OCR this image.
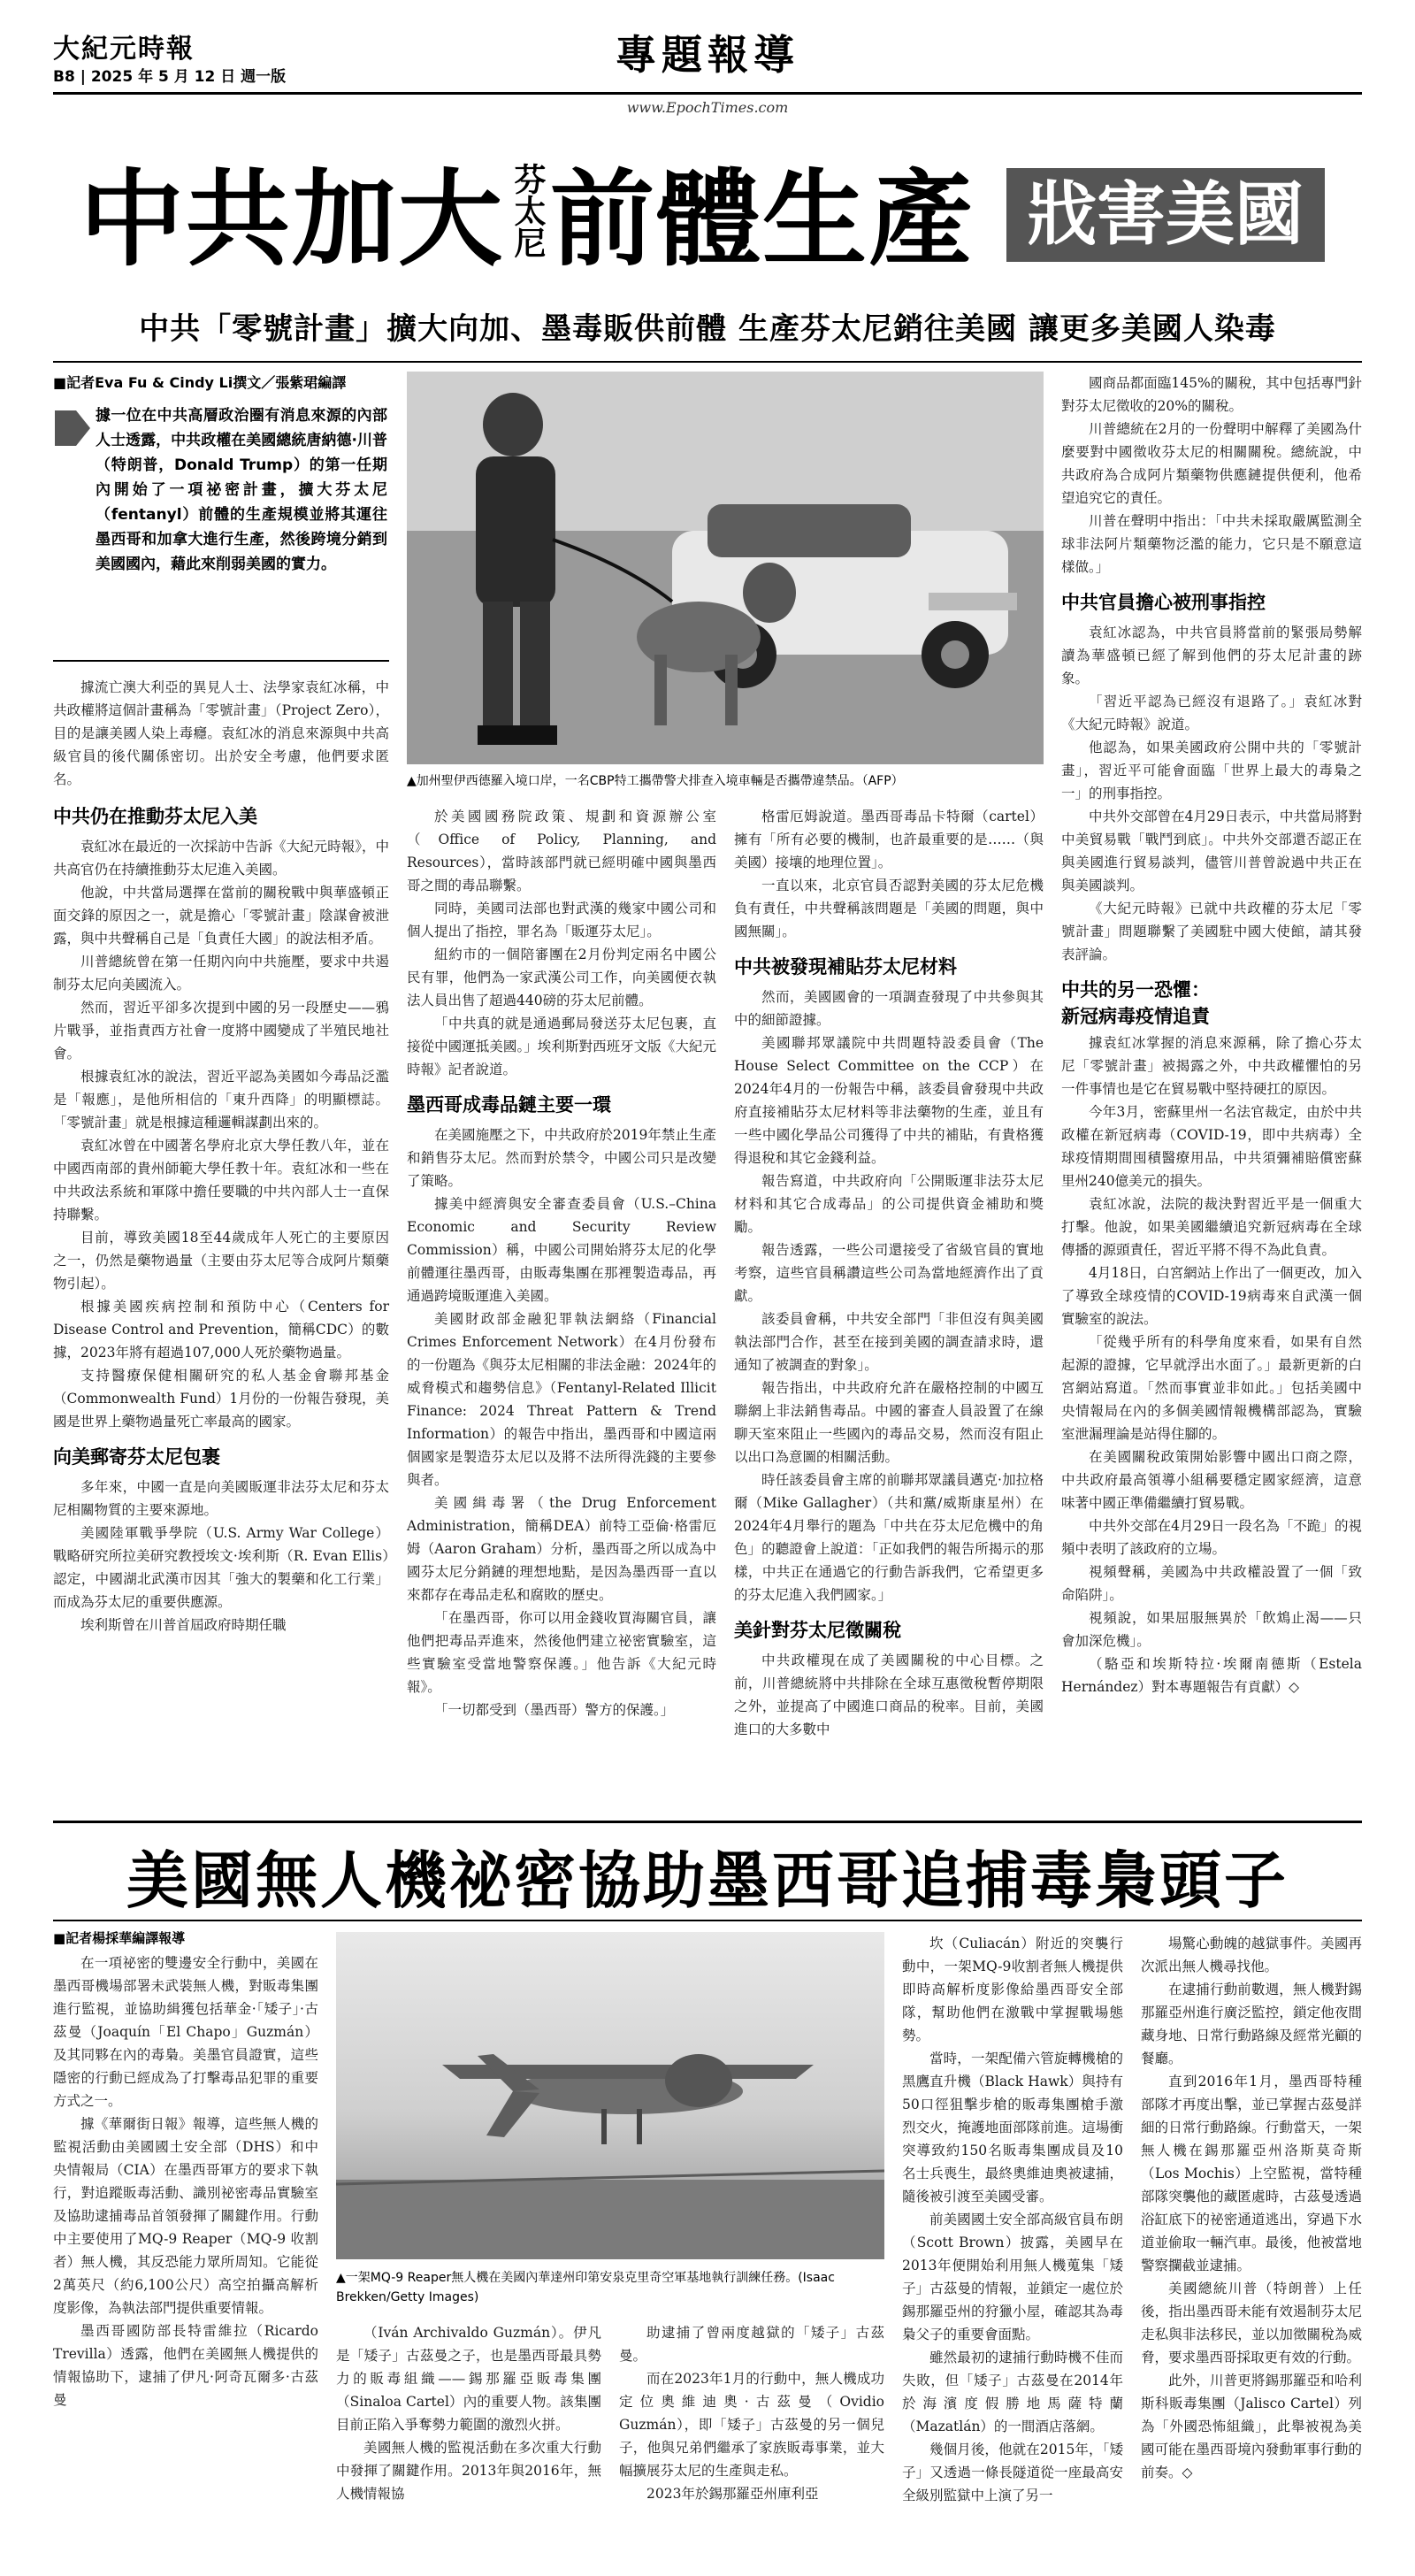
大紀元時報
B8 | 2025 年 5 月 12 日 週一版	專題報導
www.EpochTimes.com
中共加大 芬太尼 前體生產 戕害美國
中共「零號計畫」擴大向加、墨毒販供前體 生產芬太尼銷往美國 讓更多美國人染毒
■記者Eva Fu & Cindy Li撰文／張紫珺編譯
據一位在中共高層政治圈有消息來源的內部人士透露，中共政權在美國總統唐納德·川普（特朗普，Donald Trump）的第一任期內開始了一項祕密計畫，擴大芬太尼（fentanyl）前體的生產規模並將其運往墨西哥和加拿大進行生產，然後跨境分銷到美國國內，藉此來削弱美國的實力。

據流亡澳大利亞的異見人士、法學家袁紅冰稱，中共政權將這個計畫稱為「零號計畫」（Project Zero），目的是讓美國人染上毒癮。袁紅冰的消息來源與中共高級官員的後代關係密切。出於安全考慮，他們要求匿名。	▲加州聖伊西德羅入境口岸，一名CBP特工攜帶警犬排查入境車輛是否攜帶違禁品。（AFP）
中共仍在推動芬太尼入美

袁紅冰在最近的一次採訪中告訴《大紀元時報》，中共高官仍在持續推動芬太尼進入美國。

他說，中共當局選擇在當前的關稅戰中與華盛頓正面交鋒的原因之一，就是擔心「零號計畫」陰謀會被泄露，與中共聲稱自己是「負責任大國」的說法相矛盾。

川普總統曾在第一任期內向中共施壓，要求中共遏制芬太尼向美國流入。

然而，習近平卻多次提到中國的另一段歷史——鴉片戰爭，並指責西方社會一度將中國變成了半殖民地社會。

根據袁紅冰的說法，習近平認為美國如今毒品泛濫是「報應」，是他所相信的「東升西降」的明顯標誌。「零號計畫」就是根據這種邏輯謀劃出來的。

袁紅冰曾在中國著名學府北京大學任教八年，並在中國西南部的貴州師範大學任教十年。袁紅冰和一些在中共政法系統和軍隊中擔任要職的中共內部人士一直保持聯繫。

目前，導致美國18至44歲成年人死亡的主要原因之一，仍然是藥物過量（主要由芬太尼等合成阿片類藥物引起）。

根據美國疾病控制和預防中心（Centers for Disease Control and Prevention，簡稱CDC）的數據，2023年將有超過107,000人死於藥物過量。

支持醫療保健相關研究的私人基金會聯邦基金（Commonwealth Fund）1月份的一份報告發現，美國是世界上藥物過量死亡率最高的國家。

向美郵寄芬太尼包裹

多年來，中國一直是向美國販運非法芬太尼和芬太尼相關物質的主要來源地。

美國陸軍戰爭學院（U.S. Army War College）戰略研究所拉美研究教授埃文·埃利斯（R. Evan Ellis）認定，中國湖北武漢市因其「強大的製藥和化工行業」而成為芬太尼的重要供應源。

埃利斯曾在川普首屆政府時期任職

於美國國務院政策、規劃和資源辦公室（Office of Policy, Planning, and Resources），當時該部門就已經明確中國與墨西哥之間的毒品聯繫。

同時，美國司法部也對武漢的幾家中國公司和個人提出了指控，罪名為「販運芬太尼」。

紐約市的一個陪審團在2月份判定兩名中國公民有罪，他們為一家武漢公司工作，向美國便衣執法人員出售了超過440磅的芬太尼前體。

「中共真的就是通過郵局發送芬太尼包裹，直接從中國運抵美國。」埃利斯對西班牙文版《大紀元時報》記者說道。

墨西哥成毒品鏈主要一環

在美國施壓之下，中共政府於2019年禁止生產和銷售芬太尼。然而對於禁令，中國公司只是改變了策略。

據美中經濟與安全審查委員會（U.S.–China Economic and Security Review Commission）稱，中國公司開始將芬太尼的化學前體運往墨西哥，由販毒集團在那裡製造毒品，再通過跨境販運進入美國。

美國財政部金融犯罪執法網絡（Financial Crimes Enforcement Network）在4月份發布的一份題為《與芬太尼相關的非法金融：2024年的威脅模式和趨勢信息》（Fentanyl-Related Illicit Finance: 2024 Threat Pattern & Trend Information）的報告中指出，墨西哥和中國這兩個國家是製造芬太尼以及將不法所得洗錢的主要參與者。

美國緝毒署（the Drug Enforcement Administration，簡稱DEA）前特工亞倫·格雷厄姆（Aaron Graham）分析，墨西哥之所以成為中國芬太尼分銷鏈的理想地點，是因為墨西哥一直以來都存在毒品走私和腐敗的歷史。

「在墨西哥，你可以用金錢收買海關官員，讓他們把毒品弄進來，然後他們建立祕密實驗室，這些實驗室受當地警察保護。」他告訴《大紀元時報》。

「一切都受到（墨西哥）警方的保護。」

格雷厄姆說道。墨西哥毒品卡特爾（cartel）擁有「所有必要的機制，也許最重要的是……（與美國）接壤的地理位置」。

一直以來，北京官員否認對美國的芬太尼危機負有責任，中共聲稱該問題是「美國的問題，與中國無關」。

中共被發現補貼芬太尼材料

然而，美國國會的一項調查發現了中共參與其中的細節證據。

美國聯邦眾議院中共問題特設委員會（The House Select Committee on the CCP）在2024年4月的一份報告中稱，該委員會發現中共政府直接補貼芬太尼材料等非法藥物的生產，並且有一些中國化學品公司獲得了中共的補貼，有貴格獲得退稅和其它金錢利益。

報告寫道，中共政府向「公開販運非法芬太尼材料和其它合成毒品」的公司提供資金補助和獎勵。

報告透露，一些公司還接受了省級官員的實地考察，這些官員稱讚這些公司為當地經濟作出了貢獻。

該委員會稱，中共安全部門「非但沒有與美國執法部門合作，甚至在接到美國的調查請求時，還通知了被調查的對象」。

報告指出，中共政府允許在嚴格控制的中國互聯網上非法銷售毒品。中國的審查人員設置了在線聊天室來阻止一些國內的毒品交易，然而沒有阻止以出口為意圖的相關活動。

時任該委員會主席的前聯邦眾議員邁克·加拉格爾（Mike Gallagher）（共和黨/威斯康星州）在2024年4月舉行的題為「中共在芬太尼危機中的角色」的聽證會上說道：「正如我們的報告所揭示的那樣，中共正在通過它的行動告訴我們，它希望更多的芬太尼進入我們國家。」

美針對芬太尼徵關稅

中共政權現在成了美國關稅的中心目標。之前，川普總統將中共排除在全球互惠徵稅暫停期限之外，並提高了中國進口商品的稅率。目前，美國進口的大多數中

國商品都面臨145%的關稅，其中包括專門針對芬太尼徵收的20%的關稅。

川普總統在2月的一份聲明中解釋了美國為什麼要對中國徵收芬太尼的相關關稅。總統說，中共政府為合成阿片類藥物供應鏈提供便利，他希望追究它的責任。

川普在聲明中指出：「中共未採取嚴厲監測全球非法阿片類藥物泛濫的能力，它只是不願意這樣做。」

中共官員擔心被刑事指控

袁紅冰認為，中共官員將當前的緊張局勢解讀為華盛頓已經了解到他們的芬太尼計畫的跡象。

「習近平認為已經沒有退路了。」袁紅冰對《大紀元時報》說道。

他認為，如果美國政府公開中共的「零號計畫」，習近平可能會面臨「世界上最大的毒梟之一」的刑事指控。

中共外交部曾在4月29日表示，中共當局將對中美貿易戰「戰鬥到底」。中共外交部還否認正在與美國進行貿易談判，儘管川普曾說過中共正在與美國談判。

《大紀元時報》已就中共政權的芬太尼「零號計畫」問題聯繫了美國駐中國大使館，請其發表評論。

中共的另一恐懼：
新冠病毒疫情追責

據袁紅冰掌握的消息來源稱，除了擔心芬太尼「零號計畫」被揭露之外，中共政權懼怕的另一件事情也是它在貿易戰中堅持硬扛的原因。

今年3月，密蘇里州一名法官裁定，由於中共政權在新冠病毒（COVID-19，即中共病毒）全球疫情期間囤積醫療用品，中共須彌補賠償密蘇里州240億美元的損失。

袁紅冰說，法院的裁決對習近平是一個重大打擊。他說，如果美國繼續追究新冠病毒在全球傳播的源頭責任，習近平將不得不為此負責。

4月18日，白宮網站上作出了一個更改，加入了導致全球疫情的COVID-19病毒來自武漢一個實驗室的說法。

「從幾乎所有的科學角度來看，如果有自然起源的證據，它早就浮出水面了。」最新更新的白宮網站寫道。「然而事實並非如此。」包括美國中央情報局在內的多個美國情報機構部認為，實驗室泄漏理論是站得住腳的。

在美國關稅政策開始影響中國出口商之際，中共政府最高領導小組稱要穩定國家經濟，這意味著中國正準備繼續打貿易戰。

中共外交部在4月29日一段名為「不跪」的視頻中表明了該政府的立場。

視頻聲稱，美國為中共政權設置了一個「致命陷阱」。

視頻說，如果屈服無異於「飲鴆止渴——只會加深危機」。

（駱亞和埃斯特拉·埃爾南德斯（Estela Hernández）對本專題報告有貢獻）◇

美國無人機祕密協助墨西哥追捕毒梟頭子
■記者楊採華編譯報導

在一項祕密的雙邊安全行動中，美國在墨西哥機場部署未武裝無人機，對販毒集團進行監視，並協助緝獲包括華金·「矮子」·古茲曼（Joaquín「El Chapo」Guzmán）及其同夥在內的毒梟。美墨官員證實，這些隱密的行動已經成為了打擊毒品犯罪的重要方式之一。

據《華爾街日報》報導，這些無人機的監視活動由美國國土安全部（DHS）和中央情報局（CIA）在墨西哥軍方的要求下執行，對追蹤販毒活動、識別祕密毒品實驗室及協助逮捕毒品首領發揮了關鍵作用。行動中主要使用了MQ-9 Reaper（MQ-9 收割者）無人機，其反恐能力眾所周知。它能從2萬英尺（約6,100公尺）高空拍攝高解析度影像，為執法部門提供重要情報。

墨西哥國防部長特雷維拉（Ricardo Trevilla）透露，他們在美國無人機提供的情報協助下，逮捕了伊凡·阿奇瓦爾多·古茲曼

▲一架MQ-9 Reaper無人機在美國內華達州印第安泉克里奇空軍基地執行訓練任務。(Isaac Brekken/Getty Images)

（Iván Archivaldo Guzmán）。伊凡是「矮子」古茲曼之子，也是墨西哥最具勢力的販毒組織——錫那羅亞販毒集團（Sinaloa Cartel）內的重要人物。該集團目前正陷入爭奪勢力範圍的激烈火拼。

美國無人機的監視活動在多次重大行動中發揮了關鍵作用。2013年與2016年，無人機情報協

助逮捕了曾兩度越獄的「矮子」古茲曼。

而在2023年1月的行動中，無人機成功定位奧維迪奧·古茲曼（Ovidio Guzmán），即「矮子」古茲曼的另一個兒子，他與兄弟們繼承了家族販毒事業，並大幅擴展芬太尼的生產與走私。

2023年於錫那羅亞州庫利亞

坎（Culiacán）附近的突襲行動中，一架MQ-9收割者無人機提供即時高解析度影像給墨西哥安全部隊，幫助他們在激戰中掌握戰場態勢。

當時，一架配備六管旋轉機槍的黑鷹直升機（Black Hawk）與持有50口徑狙擊步槍的販毒集團槍手激烈交火，掩護地面部隊前進。這場衝突導致約150名販毒集團成員及10名士兵喪生，最終奧維迪奧被逮捕，隨後被引渡至美國受審。

前美國國土安全部高級官員布朗（Scott Brown）披露，美國早在2013年便開始利用無人機蒐集「矮子」古茲曼的情報，並鎖定一處位於錫那羅亞州的狩獵小屋，確認其為毒梟父子的重要會面點。

雖然最初的逮捕行動時機不佳而失敗，但「矮子」古茲曼在2014年於海濱度假勝地馬薩特蘭（Mazatlán）的一間酒店落網。

幾個月後，他就在2015年，「矮子」又透過一條長隧道從一座最高安全級別監獄中上演了另一

場驚心動魄的越獄事件。美國再次派出無人機尋找他。

在逮捕行動前數週，無人機對錫那羅亞州進行廣泛監控，鎖定他夜間藏身地、日常行動路線及經常光顧的餐廳。

直到2016年1月，墨西哥特種部隊才再度出擊，並已掌握古茲曼詳細的日常行動路線。行動當天，一架無人機在錫那羅亞州洛斯莫奇斯（Los Mochis）上空監視，當特種部隊突襲他的藏匿處時，古茲曼透過浴缸底下的祕密通道逃出，穿過下水道並偷取一輛汽車。最後，他被當地警察攔截並逮捕。

美國總統川普（特朗普）上任後，指出墨西哥未能有效遏制芬太尼走私與非法移民，並以加徵關稅為威脅，要求墨西哥採取更有效的行動。

此外，川普更將錫那羅亞和哈利斯科販毒集團（Jalisco Cartel）列為「外國恐怖組織」，此舉被視為美國可能在墨西哥境內發動軍事行動的前奏。◇
